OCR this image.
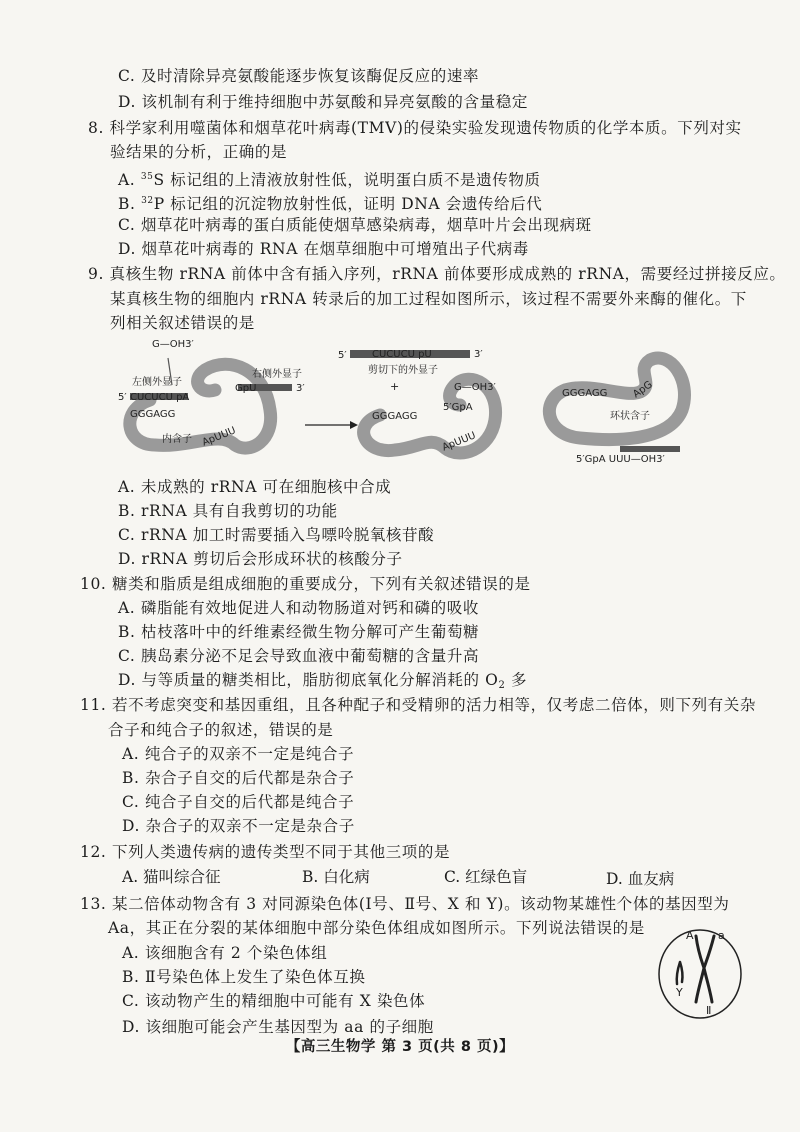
C. 及时清除异亮氨酸能逐步恢复该酶促反应的速率
D. 该机制有利于维持细胞中苏氨酸和异亮氨酸的含量稳定
8. 科学家利用噬菌体和烟草花叶病毒(TMV)的侵染实验发现遗传物质的化学本质。下列对实
验结果的分析，正确的是
A. $^{35}$S 标记组的上清液放射性低，说明蛋白质不是遗传物质
B. $^{32}$P 标记组的沉淀物放射性低，证明 DNA 会遗传给后代
C. 烟草花叶病毒的蛋白质能使烟草感染病毒，烟草叶片会出现病斑
D. 烟草花叶病毒的 RNA 在烟草细胞中可增殖出子代病毒
9. 真核生物 rRNA 前体中含有插入序列，rRNA 前体要形成成熟的 rRNA，需要经过拼接反应。
某真核生物的细胞内 rRNA 转录后的加工过程如图所示，该过程不需要外来酶的催化。下
列相关叙述错误的是
G—OH3′
左侧外显子
5′ CUCUCU pA
GGGAGG
内含子 ApUUU
GpU
右侧外显子
3′
5′	CUCUCU pU	3′
剪切下的外显子
+	G—OH3′
GGGAGG
5′GpA
ApUUU
GGGAGG ApG
环状含子
5′GpA UUU—OH3′
A. 未成熟的 rRNA 可在细胞核中合成
B. rRNA 具有自我剪切的功能
C. rRNA 加工时需要插入鸟嘌呤脱氧核苷酸
D. rRNA 剪切后会形成环状的核酸分子
10. 糖类和脂质是组成细胞的重要成分，下列有关叙述错误的是
A. 磷脂能有效地促进人和动物肠道对钙和磷的吸收
B. 枯枝落叶中的纤维素经微生物分解可产生葡萄糖
C. 胰岛素分泌不足会导致血液中葡萄糖的含量升高
D. 与等质量的糖类相比，脂肪彻底氧化分解消耗的 $O_2$ 多
11. 若不考虑突变和基因重组，且各种配子和受精卵的活力相等，仅考虑二倍体，则下列有关杂
合子和纯合子的叙述，错误的是
A. 纯合子的双亲不一定是纯合子
B. 杂合子自交的后代都是杂合子
C. 纯合子自交的后代都是纯合子
D. 杂合子的双亲不一定是杂合子
12. 下列人类遗传病的遗传类型不同于其他三项的是
A. 猫叫综合征	B. 白化病	C. 红绿色盲	D. 血友病
13. 某二倍体动物含有 3 对同源染色体(Ⅰ号、Ⅱ号、X 和 Y)。该动物某雄性个体的基因型为
Aa，其正在分裂的某体细胞中部分染色体组成如图所示。下列说法错误的是
A. 该细胞含有 2 个染色体组
B. Ⅱ号染色体上发生了染色体互换
C. 该动物产生的精细胞中可能有 X 染色体
D. 该细胞可能会产生基因型为 aa 的子细胞
A a
Y
Ⅱ
【高三生物学 第 3 页(共 8 页)】
